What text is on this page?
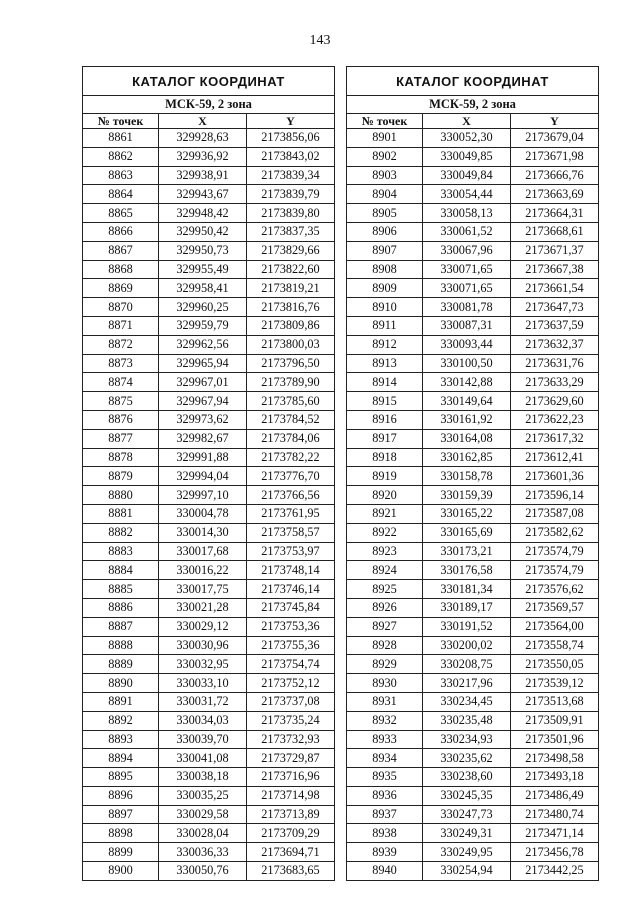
143
КАТАЛОГ КООРДИНАТ		
МСК-59, 2 зона		
№ точек	X	Y
8861	329928,63	2173856,06
8862	329936,92	2173843,02
8863	329938,91	2173839,34
8864	329943,67	2173839,79
8865	329948,42	2173839,80
8866	329950,42	2173837,35
8867	329950,73	2173829,66
8868	329955,49	2173822,60
8869	329958,41	2173819,21
8870	329960,25	2173816,76
8871	329959,79	2173809,86
8872	329962,56	2173800,03
8873	329965,94	2173796,50
8874	329967,01	2173789,90
8875	329967,94	2173785,60
8876	329973,62	2173784,52
8877	329982,67	2173784,06
8878	329991,88	2173782,22
8879	329994,04	2173776,70
8880	329997,10	2173766,56
8881	330004,78	2173761,95
8882	330014,30	2173758,57
8883	330017,68	2173753,97
8884	330016,22	2173748,14
8885	330017,75	2173746,14
8886	330021,28	2173745,84
8887	330029,12	2173753,36
8888	330030,96	2173755,36
8889	330032,95	2173754,74
8890	330033,10	2173752,12
8891	330031,72	2173737,08
8892	330034,03	2173735,24
8893	330039,70	2173732,93
8894	330041,08	2173729,87
8895	330038,18	2173716,96
8896	330035,25	2173714,98
8897	330029,58	2173713,89
8898	330028,04	2173709,29
8899	330036,33	2173694,71
8900	330050,76	2173683,65
КАТАЛОГ КООРДИНАТ		
МСК-59, 2 зона		
№ точек	X	Y
8901	330052,30	2173679,04
8902	330049,85	2173671,98
8903	330049,84	2173666,76
8904	330054,44	2173663,69
8905	330058,13	2173664,31
8906	330061,52	2173668,61
8907	330067,96	2173671,37
8908	330071,65	2173667,38
8909	330071,65	2173661,54
8910	330081,78	2173647,73
8911	330087,31	2173637,59
8912	330093,44	2173632,37
8913	330100,50	2173631,76
8914	330142,88	2173633,29
8915	330149,64	2173629,60
8916	330161,92	2173622,23
8917	330164,08	2173617,32
8918	330162,85	2173612,41
8919	330158,78	2173601,36
8920	330159,39	2173596,14
8921	330165,22	2173587,08
8922	330165,69	2173582,62
8923	330173,21	2173574,79
8924	330176,58	2173574,79
8925	330181,34	2173576,62
8926	330189,17	2173569,57
8927	330191,52	2173564,00
8928	330200,02	2173558,74
8929	330208,75	2173550,05
8930	330217,96	2173539,12
8931	330234,45	2173513,68
8932	330235,48	2173509,91
8933	330234,93	2173501,96
8934	330235,62	2173498,58
8935	330238,60	2173493,18
8936	330245,35	2173486,49
8937	330247,73	2173480,74
8938	330249,31	2173471,14
8939	330249,95	2173456,78
8940	330254,94	2173442,25
